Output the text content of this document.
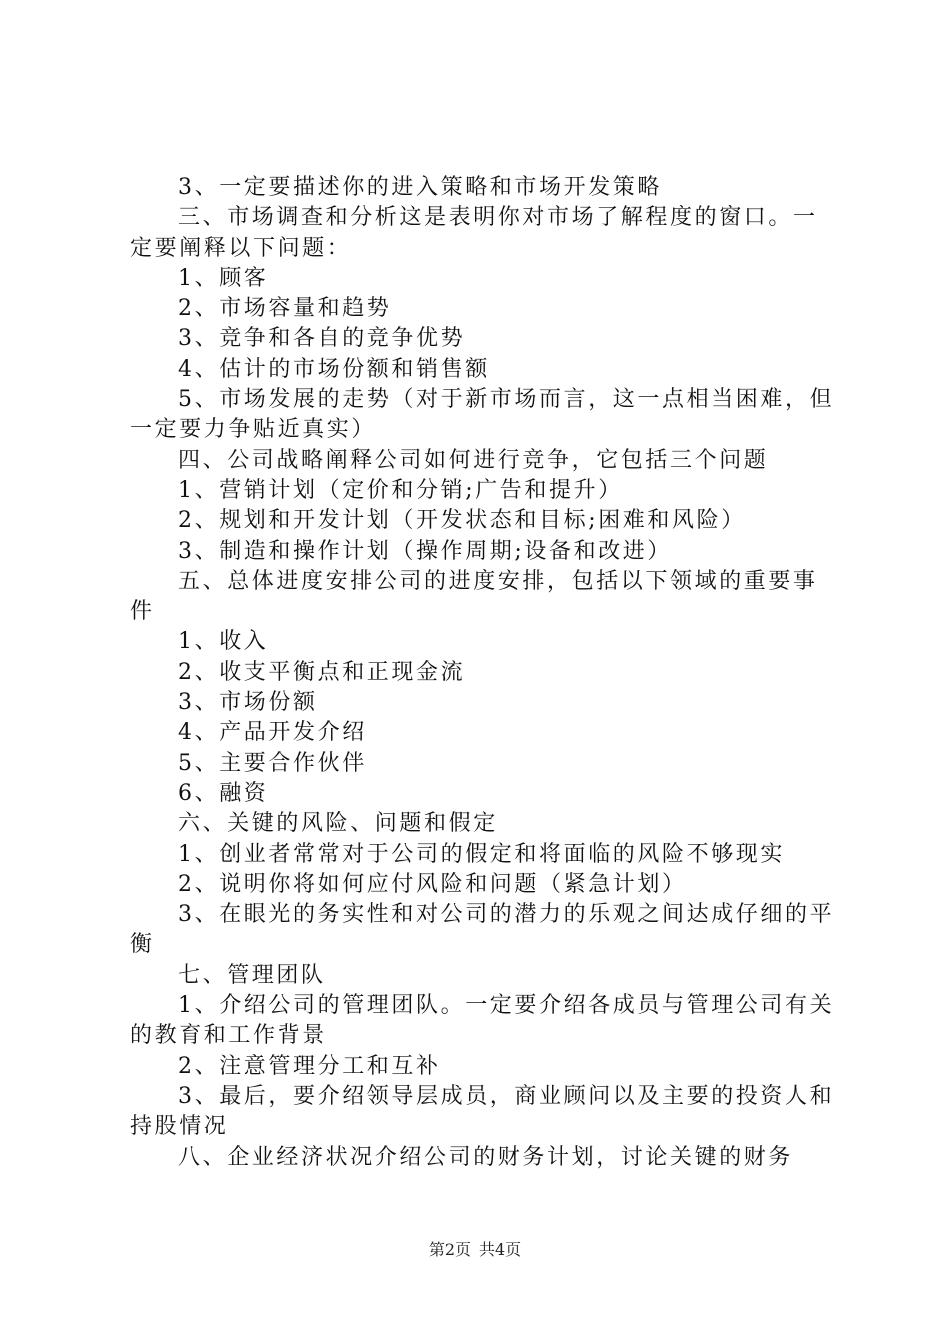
3、一定要描述你的进入策略和市场开发策略

三、市场调查和分析这是表明你对市场了解程度的窗口。一定要阐释以下问题：

1、顾客

2、市场容量和趋势

3、竞争和各自的竞争优势

4、估计的市场份额和销售额

5、市场发展的走势（对于新市场而言，这一点相当困难，但一定要力争贴近真实）

四、公司战略阐释公司如何进行竞争，它包括三个问题

1、营销计划（定价和分销;广告和提升）

2、规划和开发计划（开发状态和目标;困难和风险）

3、制造和操作计划（操作周期;设备和改进）

五、总体进度安排公司的进度安排，包括以下领域的重要事件

1、收入

2、收支平衡点和正现金流

3、市场份额

4、产品开发介绍

5、主要合作伙伴

6、融资

六、关键的风险、问题和假定

1、创业者常常对于公司的假定和将面临的风险不够现实

2、说明你将如何应付风险和问题（紧急计划）

3、在眼光的务实性和对公司的潜力的乐观之间达成仔细的平衡

七、管理团队

1、介绍公司的管理团队。一定要介绍各成员与管理公司有关的教育和工作背景

2、注意管理分工和互补

3、最后，要介绍领导层成员，商业顾问以及主要的投资人和持股情况

八、企业经济状况介绍公司的财务计划，讨论关键的财务

第2页 共4页
